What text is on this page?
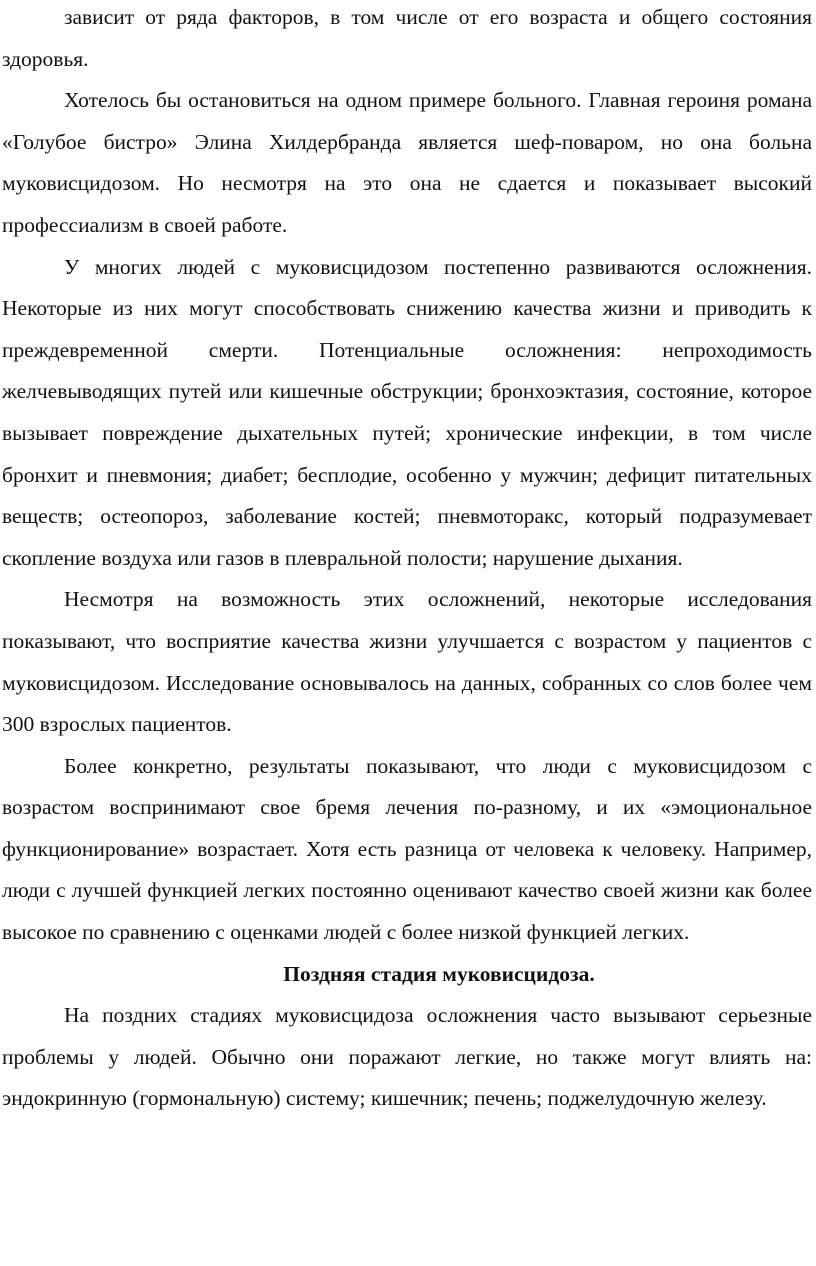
зависит от ряда факторов, в том числе от его возраста и общего состояния здоровья.

Хотелось бы остановиться на одном примере больного. Главная героиня романа «Голубое бистро» Элина Хилдербранда является шеф-поваром, но она больна муковисцидозом. Но несмотря на это она не сдается и показывает высокий профессиализм в своей работе.

У многих людей с муковисцидозом постепенно развиваются осложнения. Некоторые из них могут способствовать снижению качества жизни и приводить к преждевременной смерти. Потенциальные осложнения: непроходимость желчевыводящих путей или кишечные обструкции; бронхоэктазия, состояние, которое вызывает повреждение дыхательных путей; хронические инфекции, в том числе бронхит и пневмония; диабет; бесплодие, особенно у мужчин; дефицит питательных веществ; остеопороз, заболевание костей; пневмоторакс, который подразумевает скопление воздуха или газов в плевральной полости; нарушение дыхания.

Несмотря на возможность этих осложнений, некоторые исследования показывают, что восприятие качества жизни улучшается с возрастом у пациентов с муковисцидозом. Исследование основывалось на данных, собранных со слов более чем 300 взрослых пациентов.

Более конкретно, результаты показывают, что люди с муковисцидозом с возрастом воспринимают свое бремя лечения по-разному, и их «эмоциональное функционирование» возрастает. Хотя есть разница от человека к человеку. Например, люди с лучшей функцией легких постоянно оценивают качество своей жизни как более высокое по сравнению с оценками людей с более низкой функцией легких.

Поздняя стадия муковисцидоза.

На поздних стадиях муковисцидоза осложнения часто вызывают серьезные проблемы у людей. Обычно они поражают легкие, но также могут влиять на: эндокринную (гормональную) систему; кишечник; печень; поджелудочную железу.
